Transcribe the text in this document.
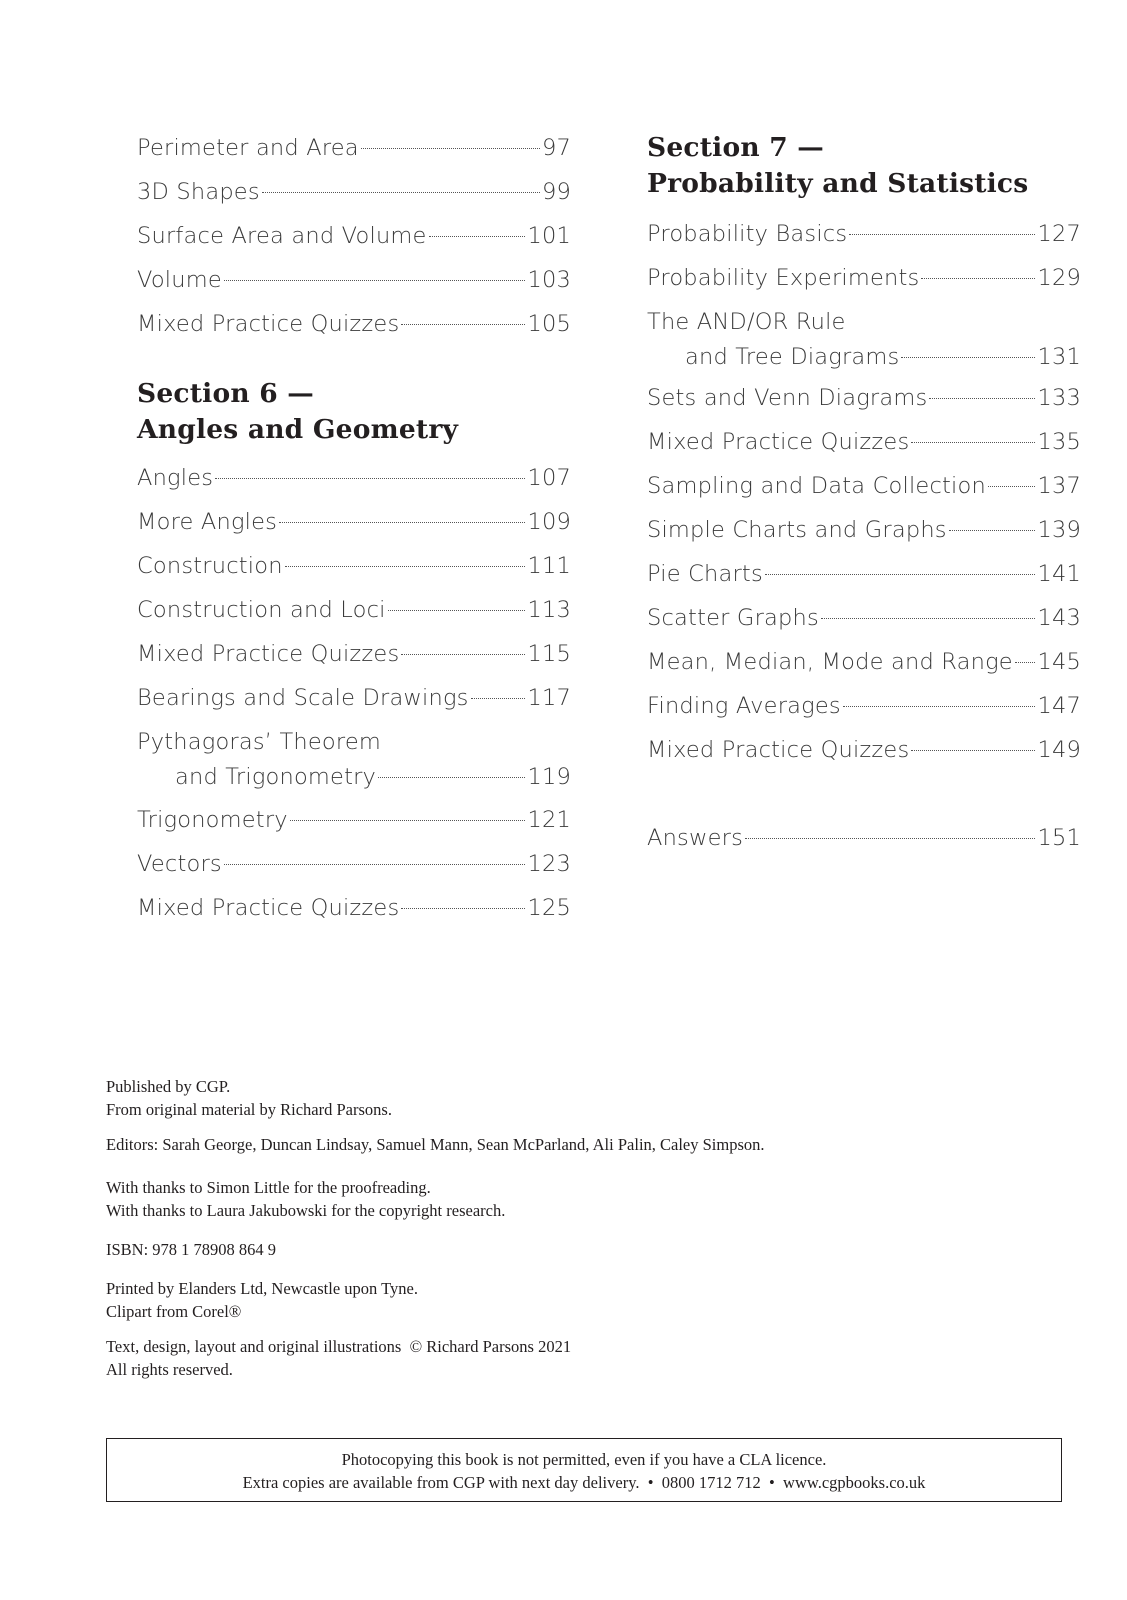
Perimeter and Area	97
3D Shapes	99
Surface Area and Volume	101
Volume	103
Mixed Practice Quizzes	105
Section 6 —
Angles and Geometry
Angles	107
More Angles	109
Construction	111
Construction and Loci	113
Mixed Practice Quizzes	115
Bearings and Scale Drawings	117
Pythagoras’ Theorem
and Trigonometry	119
Trigonometry	121
Vectors	123
Mixed Practice Quizzes	125
Section 7 —
Probability and Statistics
Probability Basics	127
Probability Experiments	129
The AND/OR Rule
and Tree Diagrams	131
Sets and Venn Diagrams	133
Mixed Practice Quizzes	135
Sampling and Data Collection 137
Simple Charts and Graphs	139
Pie Charts	141
Scatter Graphs	143
Mean, Median, Mode and Range 145
Finding Averages	147
Mixed Practice Quizzes	149
Answers	151

Published by CGP.
From original material by Richard Parsons.

Editors: Sarah George, Duncan Lindsay, Samuel Mann, Sean McParland, Ali Palin, Caley Simpson.

With thanks to Simon Little for the proofreading.
With thanks to Laura Jakubowski for the copyright research.

ISBN: 978 1 78908 864 9

Printed by Elanders Ltd, Newcastle upon Tyne.
Clipart from Corel®

Text, design, layout and original illustrations  © Richard Parsons 2021
All rights reserved.

Photocopying this book is not permitted, even if you have a CLA licence.
Extra copies are available from CGP with next day delivery.  •  0800 1712 712  •  www.cgpbooks.co.uk
